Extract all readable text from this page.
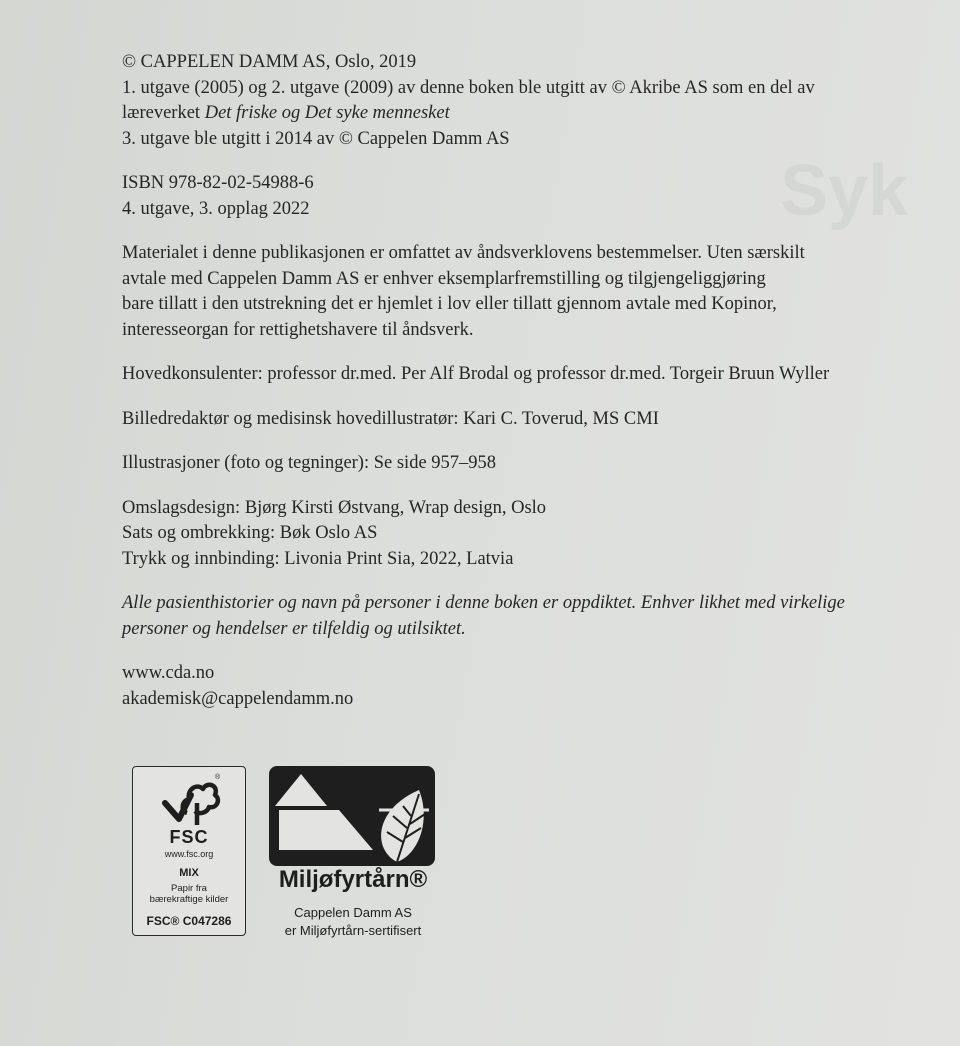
Syk

© CAPPELEN DAMM AS, Oslo, 2019

1. utgave (2005) og 2. utgave (2009) av denne boken ble utgitt av © Akribe AS som en del av

læreverket Det friske og Det syke mennesket

3. utgave ble utgitt i 2014 av © Cappelen Damm AS

ISBN 978-82-02-54988-6

4. utgave, 3. opplag 2022

Materialet i denne publikasjonen er omfattet av åndsverklovens bestemmelser. Uten særskilt

avtale med Cappelen Damm AS er enhver eksemplarfremstilling og tilgjengeliggjøring

bare tillatt i den utstrekning det er hjemlet i lov eller tillatt gjennom avtale med Kopinor,

interesseorgan for rettighetshavere til åndsverk.

Hovedkonsulenter: professor dr.med. Per Alf Brodal og professor dr.med. Torgeir Bruun Wyller

Billedredaktør og medisinsk hovedillustratør: Kari C. Toverud, MS CMI

Illustrasjoner (foto og tegninger): Se side 957–958

Omslagsdesign: Bjørg Kirsti Østvang, Wrap design, Oslo

Sats og ombrekking: Bøk Oslo AS

Trykk og innbinding: Livonia Print Sia, 2022, Latvia

Alle pasienthistorier og navn på personer i denne boken er oppdiktet. Enhver likhet med virkelige

personer og hendelser er tilfeldig og utilsiktet.

www.cda.no

akademisk@cappelendamm.no

®
FSC
www.fsc.org
MIX
Papir fra
bærekraftige kilder
FSC® C047286
Miljøfyrtårn®
Cappelen Damm AS
er Miljøfyrtårn-sertifisert
